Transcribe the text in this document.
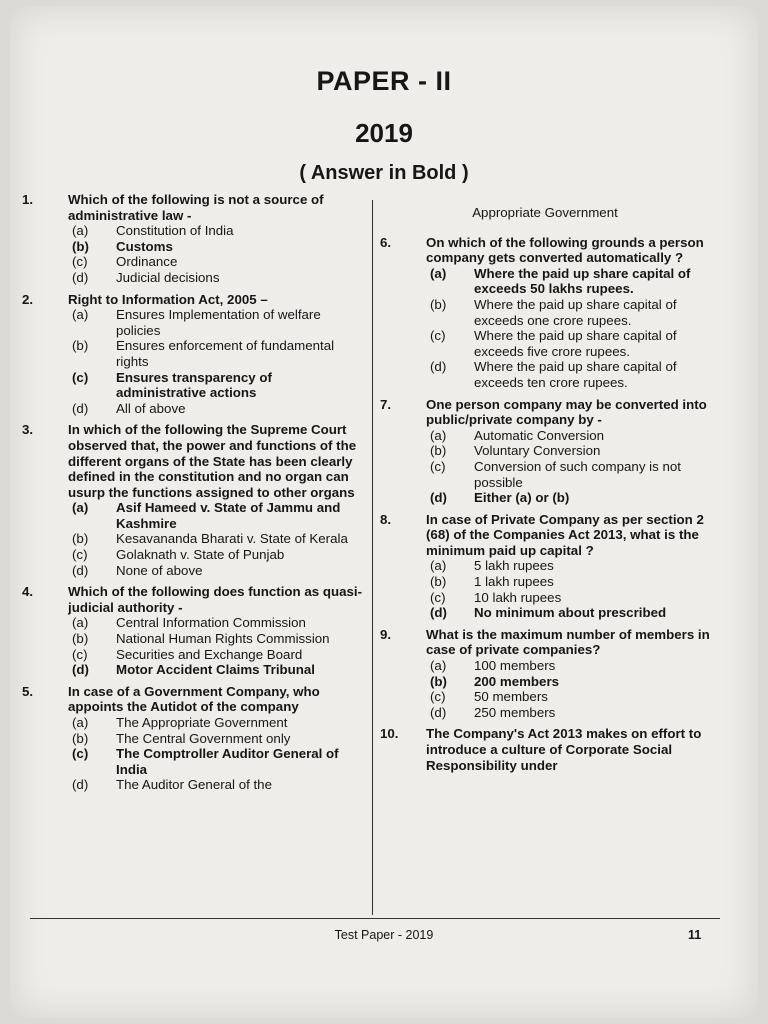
PAPER - II
2019
( Answer in Bold )
1.	Which of the following is not a source of administrative law -
(a) Constitution of India
(b) Customs
(c) Ordinance
(d) Judicial decisions
2.	Right to Information Act, 2005 –
(a) Ensures Implementation of welfare policies
(b) Ensures enforcement of fundamental rights
(c) Ensures transparency of administrative actions
(d) All of above
3.	In which of the following the Supreme Court observed that, the power and functions of the different organs of the State has been clearly defined in the constitution and no organ can usurp the functions assigned to other organs
(a) Asif Hameed v. State of Jammu and Kashmire
(b) Kesavananda Bharati v. State of Kerala
(c) Golaknath v. State of Punjab
(d) None of above
4.	Which of the following does function as quasi-judicial authority -
(a) Central Information Commission
(b) National Human Rights Commission
(c) Securities and Exchange Board
(d) Motor Accident Claims Tribunal
5.	In case of a Government Company, who appoints the Autidot of the company
(a) The Appropriate Government
(b) The Central Government only
(c) The Comptroller Auditor General of India
(d) The Auditor General of the
Appropriate Government
6.	On which of the following grounds a person company gets converted automatically ?
(a) Where the paid up share capital of exceeds 50 lakhs rupees.
(b) Where the paid up share capital of exceeds one crore rupees.
(c) Where the paid up share capital of exceeds five crore rupees.
(d) Where the paid up share capital of exceeds ten crore rupees.
7.	One person company may be converted into public/private company by -
(a) Automatic Conversion
(b) Voluntary Conversion
(c) Conversion of such company is not possible
(d) Either (a) or (b)
8.	In case of Private Company as per section 2 (68) of the Companies Act 2013, what is the minimum paid up capital ?
(a) 5 lakh rupees
(b) 1 lakh rupees
(c) 10 lakh rupees
(d) No minimum about prescribed
9.	What is the maximum number of members in case of private companies?
(a) 100 members
(b) 200 members
(c) 50 members
(d) 250 members
10. The Company's Act 2013 makes on effort to introduce a culture of Corporate Social Responsibility under
Test Paper - 2019	11
